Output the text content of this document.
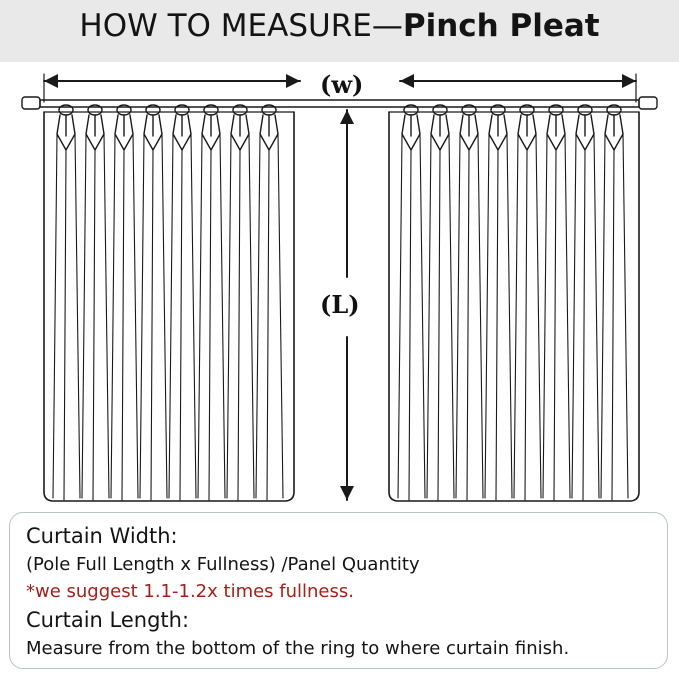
HOW TO MEASURE—Pinch Pleat
(w)
(L)
Curtain Width:
(Pole Full Length x Fullness) /Panel Quantity
*we suggest 1.1-1.2x times fullness.
Curtain Length:
Measure from the bottom of the ring to where curtain finish.
